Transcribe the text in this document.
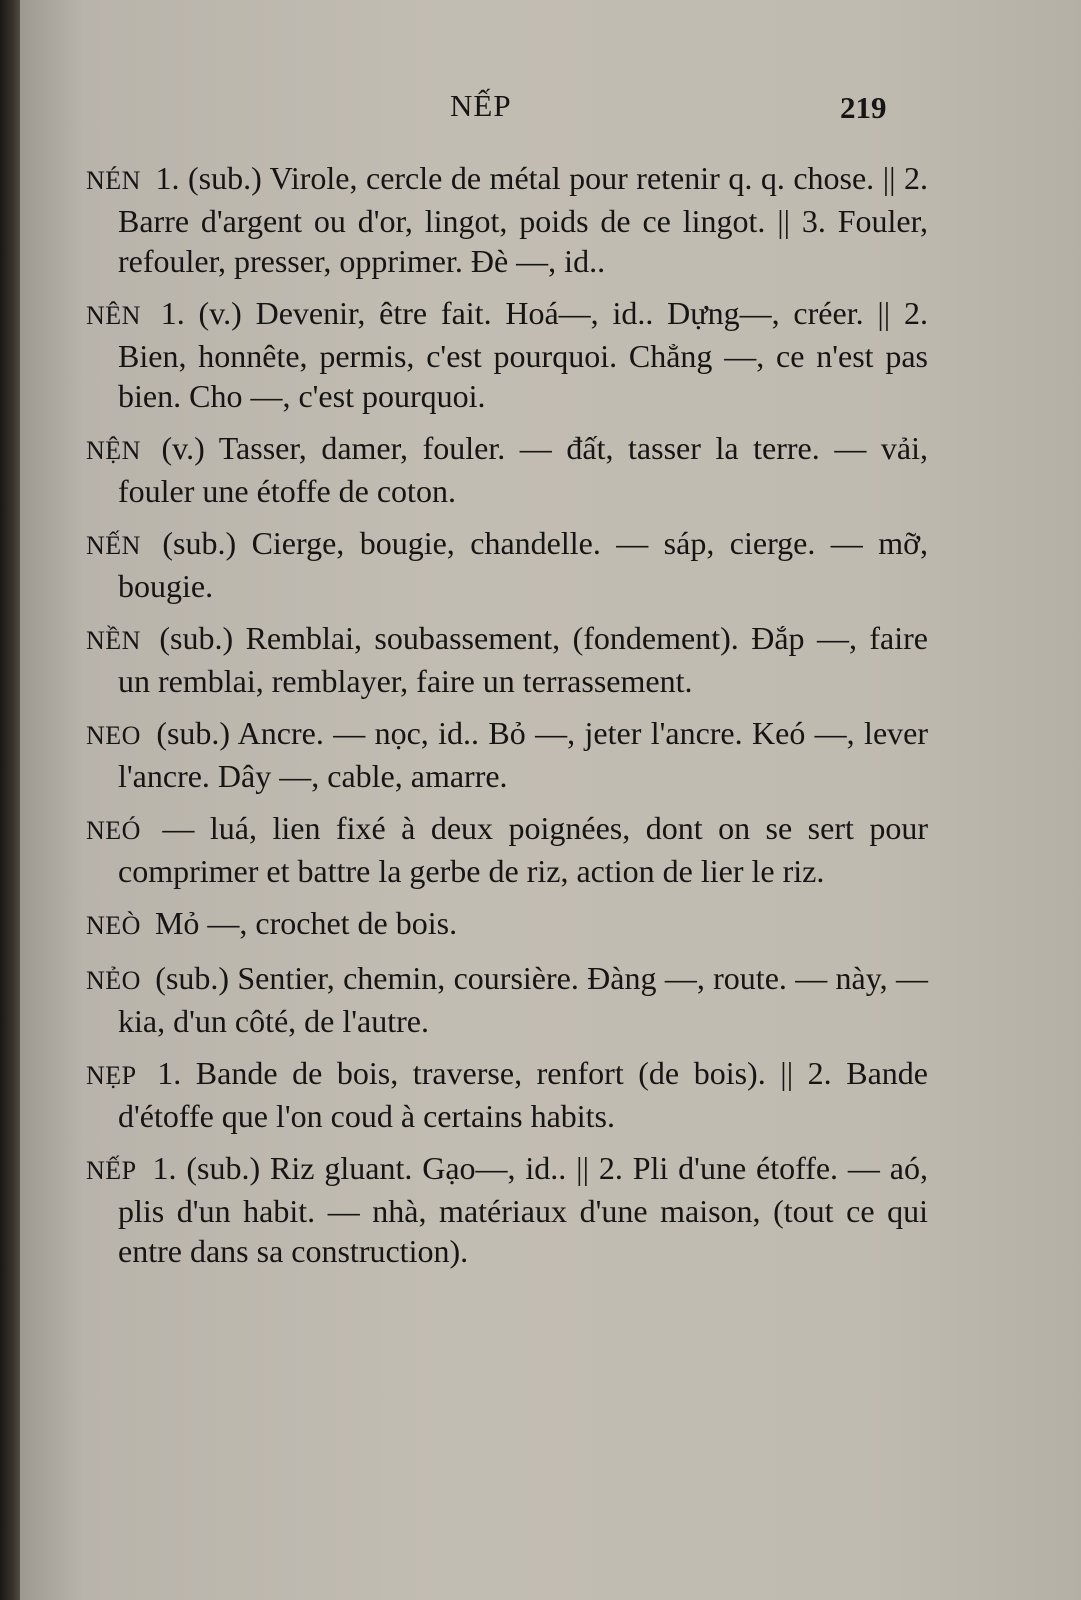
NẾP	219

NÉN 1. (sub.) Virole, cercle de métal pour retenir q. q. chose. || 2. Barre d'argent ou d'or, lingot, poids de ce lingot. || 3. Fouler, refouler, presser, opprimer. Đè —, id..

NÊN 1. (v.) Devenir, être fait. Hoá—, id.. Dựng—, créer. || 2. Bien, honnête, permis, c'est pourquoi. Chẳng —, ce n'est pas bien. Cho —, c'est pourquoi.

NỆN (v.) Tasser, damer, fouler. — đất, tasser la terre. — vải, fouler une étoffe de coton.

NẾN (sub.) Cierge, bougie, chandelle. — sáp, cierge. — mỡ, bougie.

NỀN (sub.) Remblai, soubassement, (fondement). Đắp —, faire un remblai, remblayer, faire un terrassement.

NEO (sub.) Ancre. — nọc, id.. Bỏ —, jeter l'ancre. Keó —, lever l'ancre. Dây —, cable, amarre.

NEÓ — luá, lien fixé à deux poignées, dont on se sert pour comprimer et battre la gerbe de riz, action de lier le riz.

NEÒ Mỏ —, crochet de bois.

NẺO (sub.) Sentier, chemin, coursière. Đàng —, route. — này, — kia, d'un côté, de l'autre.

NẸP 1. Bande de bois, traverse, renfort (de bois). || 2. Bande d'étoffe que l'on coud à certains habits.

NẾP 1. (sub.) Riz gluant. Gạo—, id.. || 2. Pli d'une étoffe. — aó, plis d'un habit. — nhà, matériaux d'une maison, (tout ce qui entre dans sa construction).
